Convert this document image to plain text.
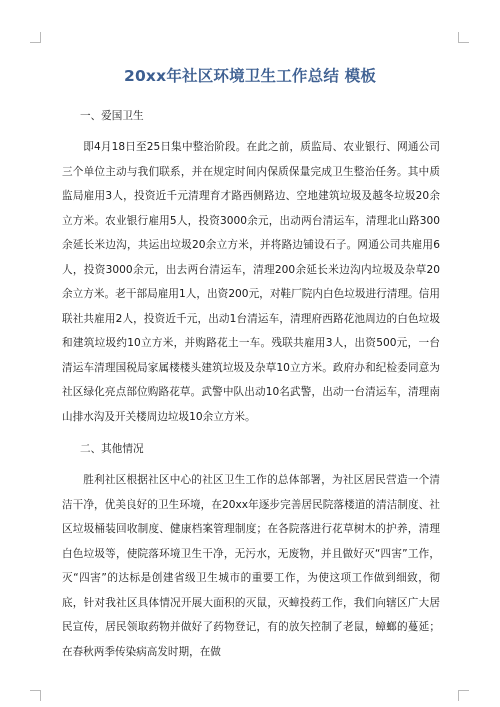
20xx年社区环境卫生工作总结 模板
一、爱国卫生

即4月18日至25日集中整治阶段。在此之前，质监局、农业银行、网通公司三个单位主动与我们联系，并在规定时间内保质保量完成卫生整治任务。其中质监局雇用3人，投资近千元清理育才路西侧路边、空地建筑垃圾及越冬垃圾20余立方米。农业银行雇用5人，投资3000余元，出动两台清运车，清理北山路300余延长米边沟，共运出垃圾20余立方米，并将路边铺设石子。网通公司共雇用6人，投资3000余元，出去两台清运车，清理200余延长米边沟内垃圾及杂草20余立方米。老干部局雇用1人，出资200元，对鞋厂院内白色垃圾进行清理。信用联社共雇用2人，投资近千元，出动1台清运车，清理府西路花池周边的白色垃圾和建筑垃圾约10立方米，并购路花土一车。残联共雇用3人，出资500元，一台清运车清理国税局家属楼楼头建筑垃圾及杂草10立方米。政府办和纪检委同意为社区绿化亮点部位购路花草。武警中队出动10名武警，出动一台清运车，清理南山排水沟及开关楼周边垃圾10余立方米。

二、其他情况

胜利社区根据社区中心的社区卫生工作的总体部署，为社区居民营造一个清洁干净，优美良好的卫生环境，在20xx年逐步完善居民院落楼道的清洁制度、社区垃圾桶装回收制度、健康档案管理制度；在各院落进行花草树木的护养，清理白色垃圾等，使院落环境卫生干净，无污水，无废物，并且做好灭“四害”工作，灭“四害”的达标是创建省级卫生城市的重要工作，为使这项工作做到细致，彻底，针对我社区具体情况开展大面积的灭鼠，灭蟑投药工作，我们向辖区广大居民宣传，居民领取药物并做好了药物登记，有的放矢控制了老鼠，蟑螂的蔓延；在春秋两季传染病高发时期，在做
